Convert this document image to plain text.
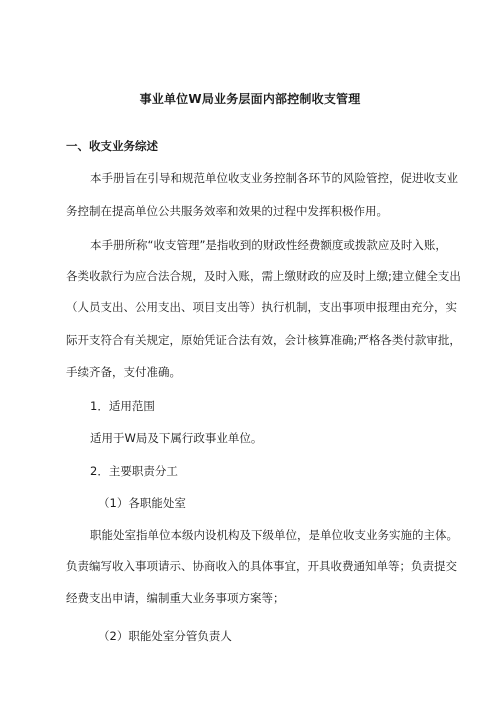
事业单位W局业务层面内部控制收支管理
一、收支业务综述
本手册旨在引导和规范单位收支业务控制各环节的风险管控，促进收支业
务控制在提高单位公共服务效率和效果的过程中发挥积极作用。
本手册所称“收支管理”是指收到的财政性经费额度或拨款应及时入账，
各类收款行为应合法合规，及时入账，需上缴财政的应及时上缴;建立健全支出
（人员支出、公用支出、项目支出等）执行机制，支出事项申报理由充分，实
际开支符合有关规定，原始凭证合法有效，会计核算准确;严格各类付款审批，
手续齐备，支付准确。
1．适用范围
适用于W局及下属行政事业单位。
2．主要职责分工
（1）各职能处室
职能处室指单位本级内设机构及下级单位，是单位收支业务实施的主体。
负责编写收入事项请示、协商收入的具体事宜，开具收费通知单等；负责提交
经费支出申请，编制重大业务事项方案等；
（2）职能处室分管负责人
